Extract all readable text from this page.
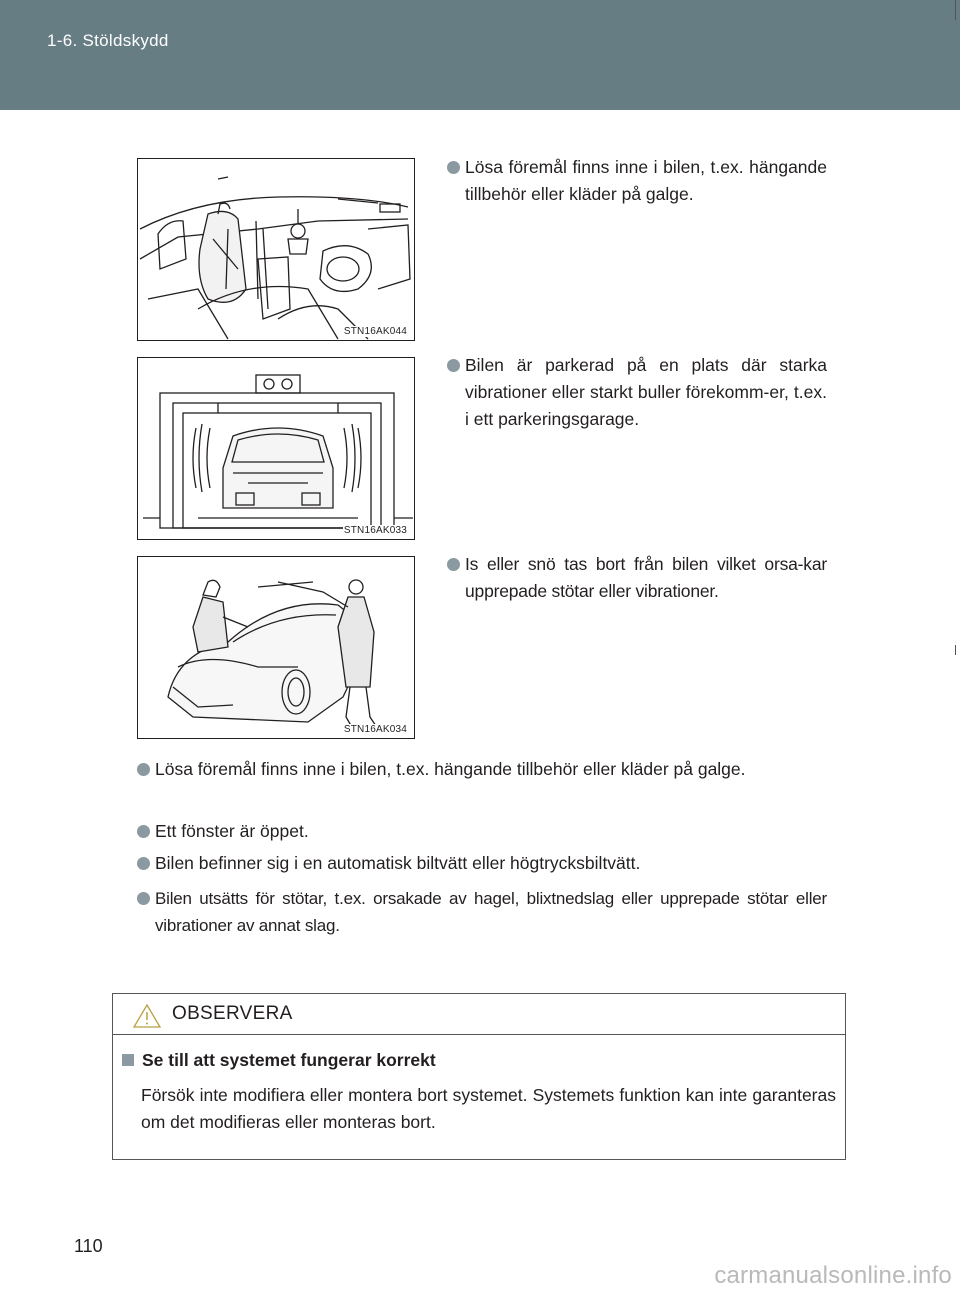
1-6. Stöldskydd
STN16AK044
STN16AK033
STN16AK034
Lösa föremål finns inne i bilen, t.ex. hängande tillbehör eller kläder på galge.
Bilen är parkerad på en plats där starka vibrationer eller starkt buller förekomm-er, t.ex. i ett parkeringsgarage.
Is eller snö tas bort från bilen vilket orsa-kar upprepade stötar eller vibrationer.
Lösa föremål finns inne i bilen, t.ex. hängande tillbehör eller kläder på galge.
Ett fönster är öppet.
Bilen befinner sig i en automatisk biltvätt eller högtrycksbiltvätt.
Bilen utsätts för stötar, t.ex. orsakade av hagel, blixtnedslag eller upprepade stötar eller vibrationer av annat slag.
OBSERVERA
Se till att systemet fungerar korrekt
Försök inte modifiera eller montera bort systemet. Systemets funktion kan inte garanteras om det modifieras eller monteras bort.
110
carmanualsonline.info
